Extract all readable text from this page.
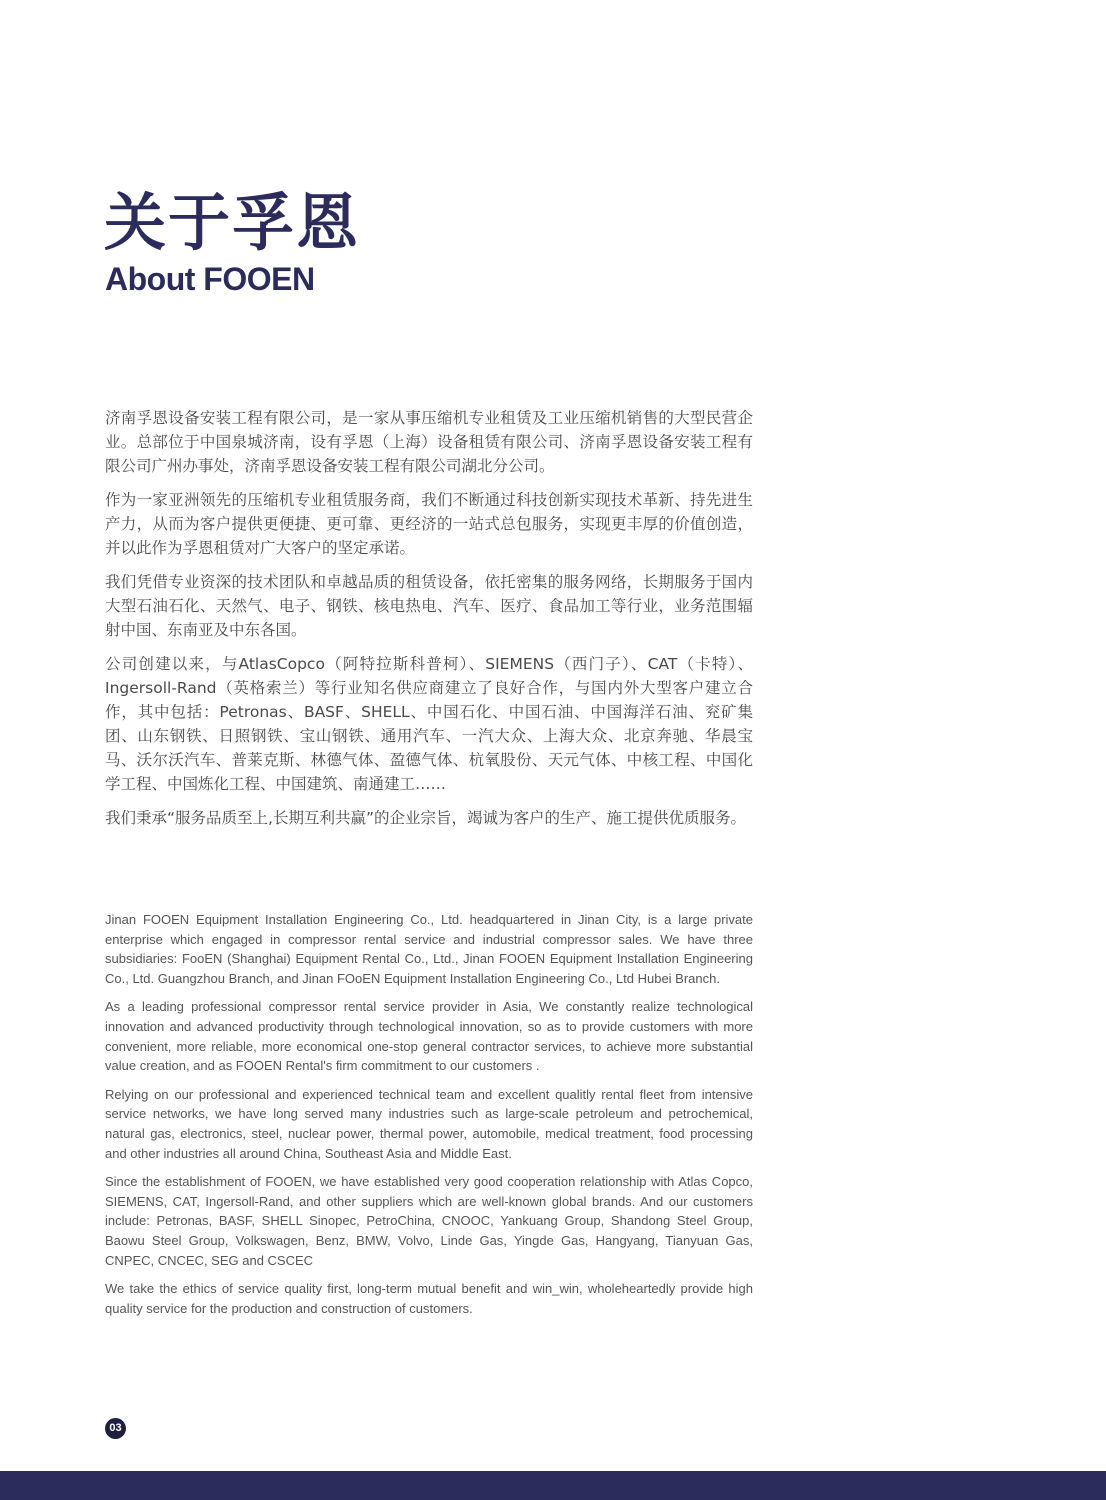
关于孚恩
About FOOEN

济南孚恩设备安装工程有限公司，是一家从事压缩机专业租赁及工业压缩机销售的大型民营企业。总部位于中国泉城济南，设有孚恩（上海）设备租赁有限公司、济南孚恩设备安装工程有限公司广州办事处，济南孚恩设备安装工程有限公司湖北分公司。

作为一家亚洲领先的压缩机专业租赁服务商，我们不断通过科技创新实现技术革新、持先进生产力，从而为客户提供更便捷、更可靠、更经济的一站式总包服务，实现更丰厚的价值创造，并以此作为孚恩租赁对广大客户的坚定承诺。

我们凭借专业资深的技术团队和卓越品质的租赁设备，依托密集的服务网络，长期服务于国内大型石油石化、天然气、电子、钢铁、核电热电、汽车、医疗、食品加工等行业，业务范围辐射中国、东南亚及中东各国。

公司创建以来，与AtlasCopco（阿特拉斯科普柯）、SIEMENS（西门子）、CAT（卡特）、Ingersoll-Rand（英格索兰）等行业知名供应商建立了良好合作，与国内外大型客户建立合作，其中包括：Petronas、BASF、SHELL、中国石化、中国石油、中国海洋石油、兖矿集团、山东钢铁、日照钢铁、宝山钢铁、通用汽车、一汽大众、上海大众、北京奔驰、华晨宝马、沃尔沃汽车、普莱克斯、林德气体、盈德气体、杭氧股份、天元气体、中核工程、中国化学工程、中国炼化工程、中国建筑、南通建工……

我们秉承“服务品质至上,长期互利共赢”的企业宗旨，竭诚为客户的生产、施工提供优质服务。

Jinan FOOEN Equipment Installation Engineering Co., Ltd. headquartered in Jinan City, is a large private enterprise which engaged in compressor rental service and industrial compressor sales. We have three subsidiaries: FooEN (Shanghai) Equipment Rental Co., Ltd., Jinan FOOEN Equipment Installation Engineering Co., Ltd. Guangzhou Branch, and Jinan FOoEN Equipment Installation Engineering Co., Ltd Hubei Branch.

As a leading professional compressor rental service provider in Asia, We constantly realize technological innovation and advanced productivity through technological innovation, so as to provide customers with more convenient, more reliable, more economical one-stop general contractor services, to achieve more substantial value creation, and as FOOEN Rental's firm commitment to our customers .

Relying on our professional and experienced technical team and excellent qualitly rental fleet from intensive service networks, we have long served many industries such as large-scale petroleum and petrochemical, natural gas, electronics, steel, nuclear power, thermal power, automobile, medical treatment, food processing and other industries all around China, Southeast Asia and Middle East.

Since the establishment of FOOEN, we have established very good cooperation relationship with Atlas Copco, SIEMENS, CAT, Ingersoll-Rand, and other suppliers which are well-known global brands. And our customers include: Petronas, BASF, SHELL Sinopec, PetroChina, CNOOC, Yankuang Group, Shandong Steel Group, Baowu Steel Group, Volkswagen, Benz, BMW, Volvo, Linde Gas, Yingde Gas, Hangyang, Tianyuan Gas, CNPEC, CNCEC, SEG and CSCEC

We take the ethics of service quality first, long-term mutual benefit and win_win, wholeheartedly provide high quality service for the production and construction of customers.

03
